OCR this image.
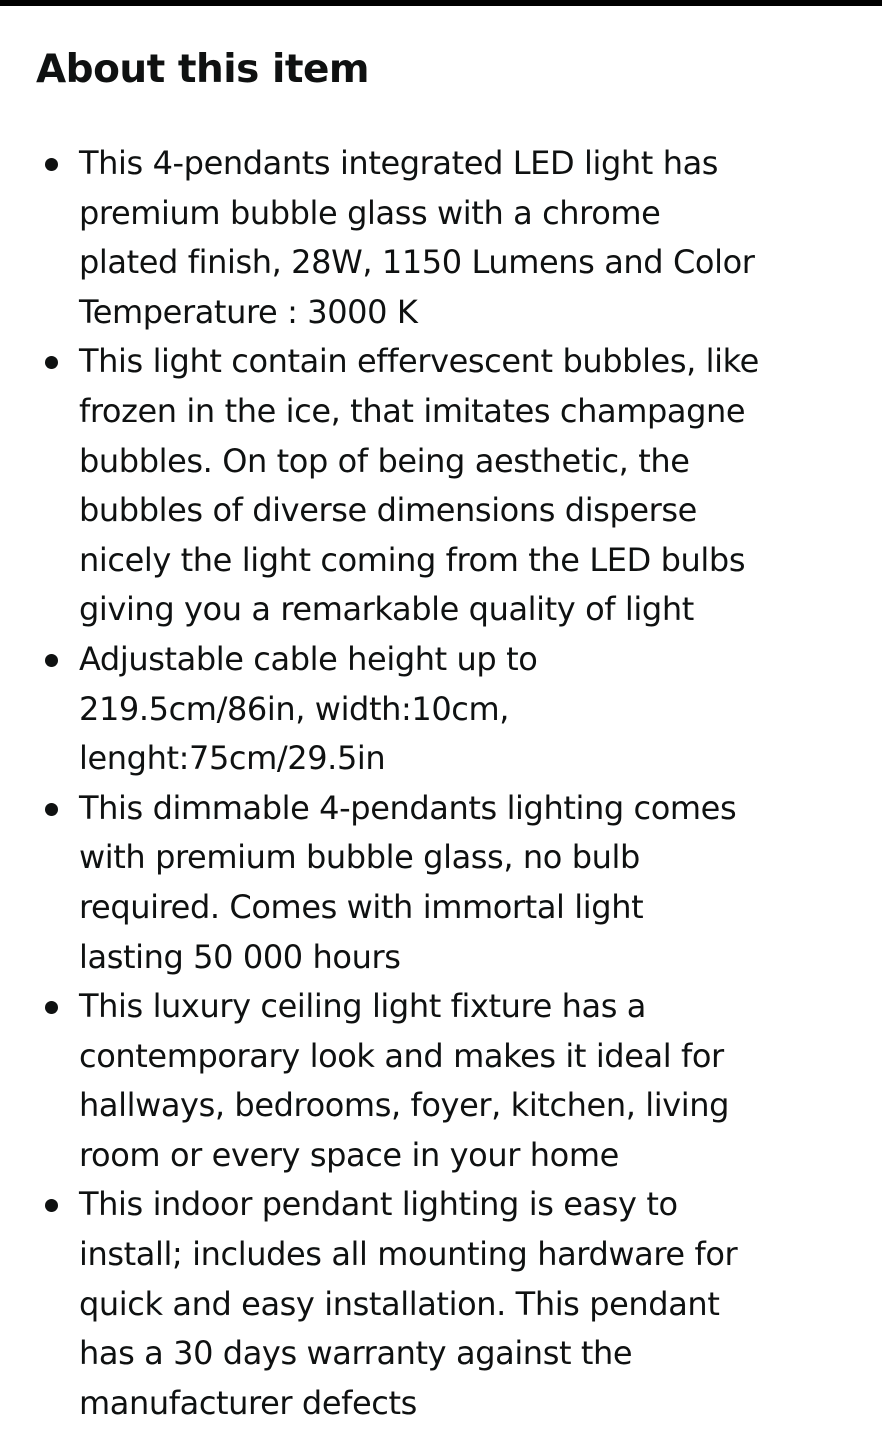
About this item
This 4-pendants integrated LED light has
premium bubble glass with a chrome
plated finish, 28W, 1150 Lumens and Color
Temperature : 3000 K
This light contain effervescent bubbles, like
frozen in the ice, that imitates champagne
bubbles. On top of being aesthetic, the
bubbles of diverse dimensions disperse
nicely the light coming from the LED bulbs
giving you a remarkable quality of light
Adjustable cable height up to
219.5cm/86in, width:10cm,
lenght:75cm/29.5in
This dimmable 4-pendants lighting comes
with premium bubble glass, no bulb
required. Comes with immortal light
lasting 50 000 hours
This luxury ceiling light fixture has a
contemporary look and makes it ideal for
hallways, bedrooms, foyer, kitchen, living
room or every space in your home
This indoor pendant lighting is easy to
install; includes all mounting hardware for
quick and easy installation. This pendant
has a 30 days warranty against the
manufacturer defects
